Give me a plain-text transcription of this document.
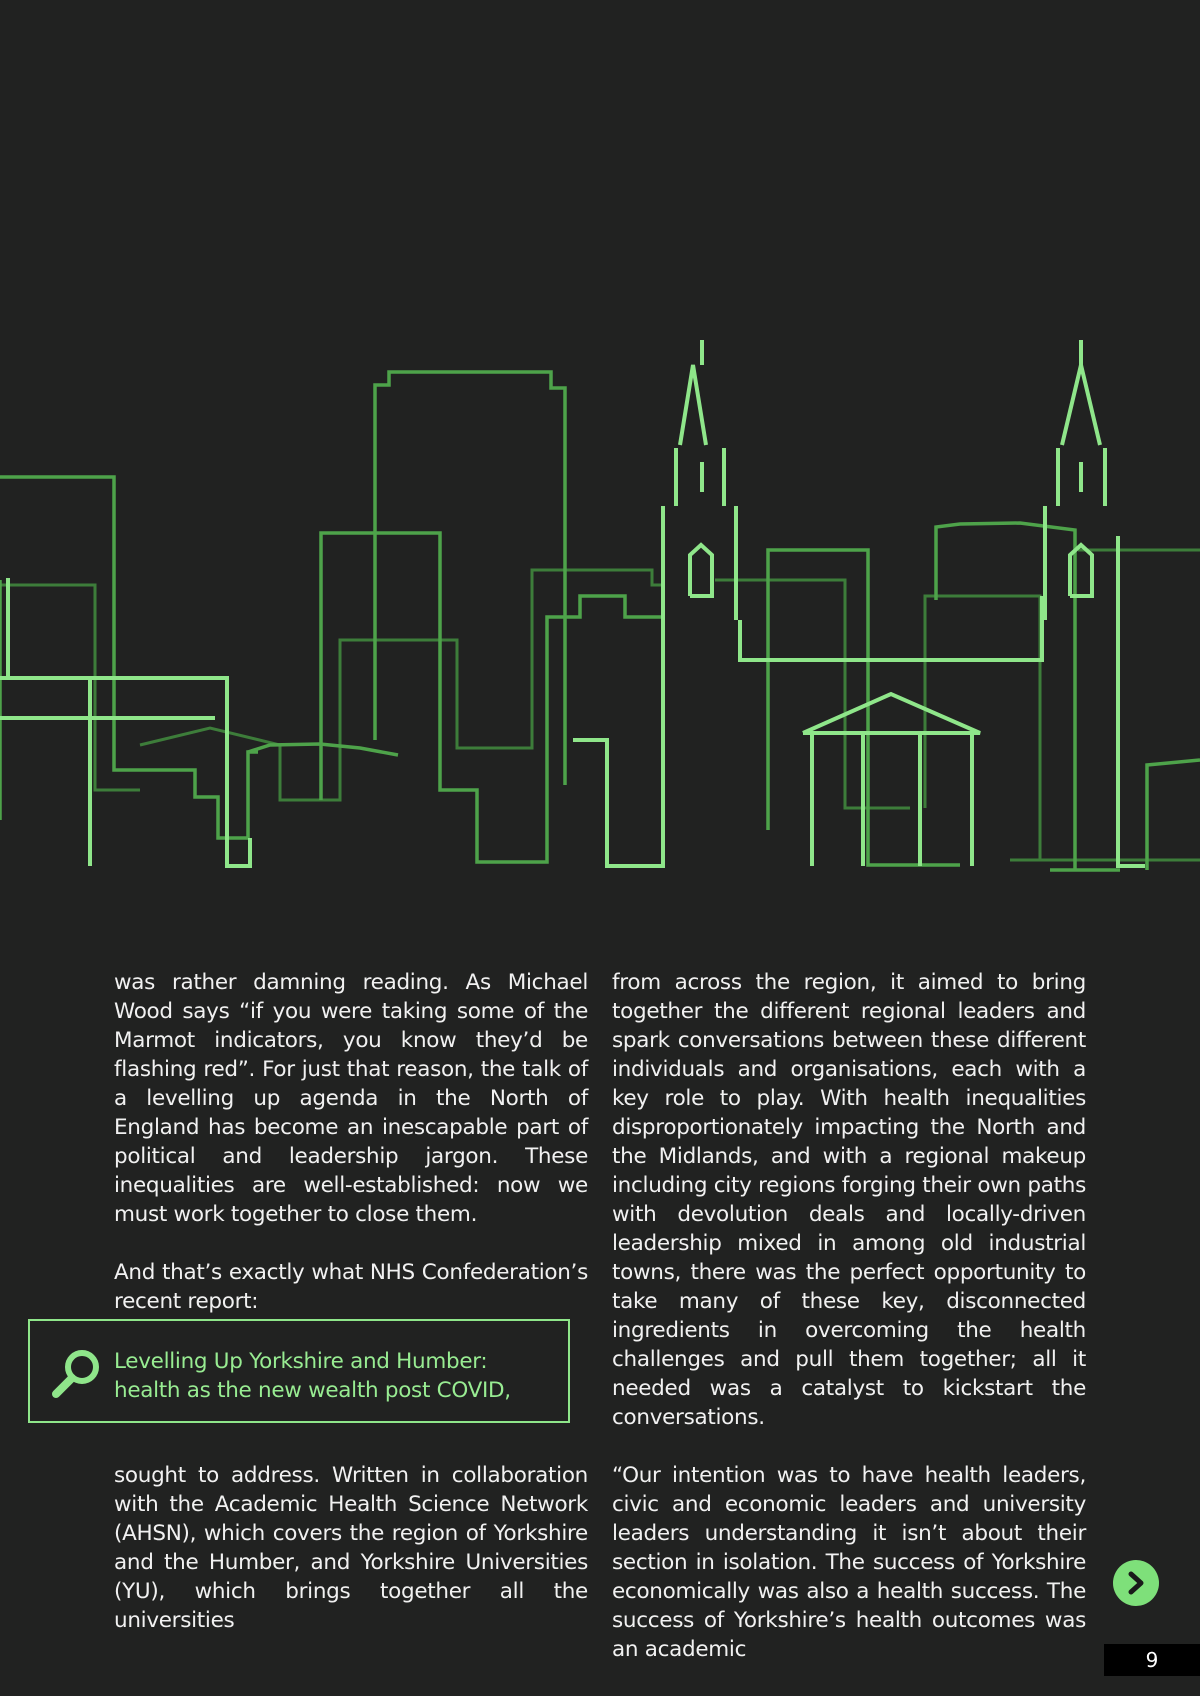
was rather damning reading. As Michael Wood says “if you were taking some of the Marmot indicators, you know they’d be flashing red”. For just that reason, the talk of a levelling up agenda in the North of England has become an inescapable part of political and leadership jargon. These inequalities are well-established: now we must work together to close them.

And that’s exactly what NHS Confederation’s recent report:

Levelling Up Yorkshire and Humber: health as the new wealth post COVID,

sought to address. Written in collaboration with the Academic Health Science Network (AHSN), which covers the region of Yorkshire and the Humber, and Yorkshire Universities (YU), which brings together all the universities

from across the region, it aimed to bring together the different regional leaders and spark conversations between these different individuals and organisations, each with a key role to play. With health inequalities disproportionately impacting the North and the Midlands, and with a regional makeup including city regions forging their own paths with devolution deals and locally-driven leadership mixed in among old industrial towns, there was the perfect opportunity to take many of these key, disconnected ingredients in overcoming the health challenges and pull them together; all it needed was a catalyst to kickstart the conversations.

“Our intention was to have health leaders, civic and economic leaders and university leaders understanding it isn’t about their section in isolation. The success of Yorkshire economically was also a health success. The success of Yorkshire’s health outcomes was an academic	9
